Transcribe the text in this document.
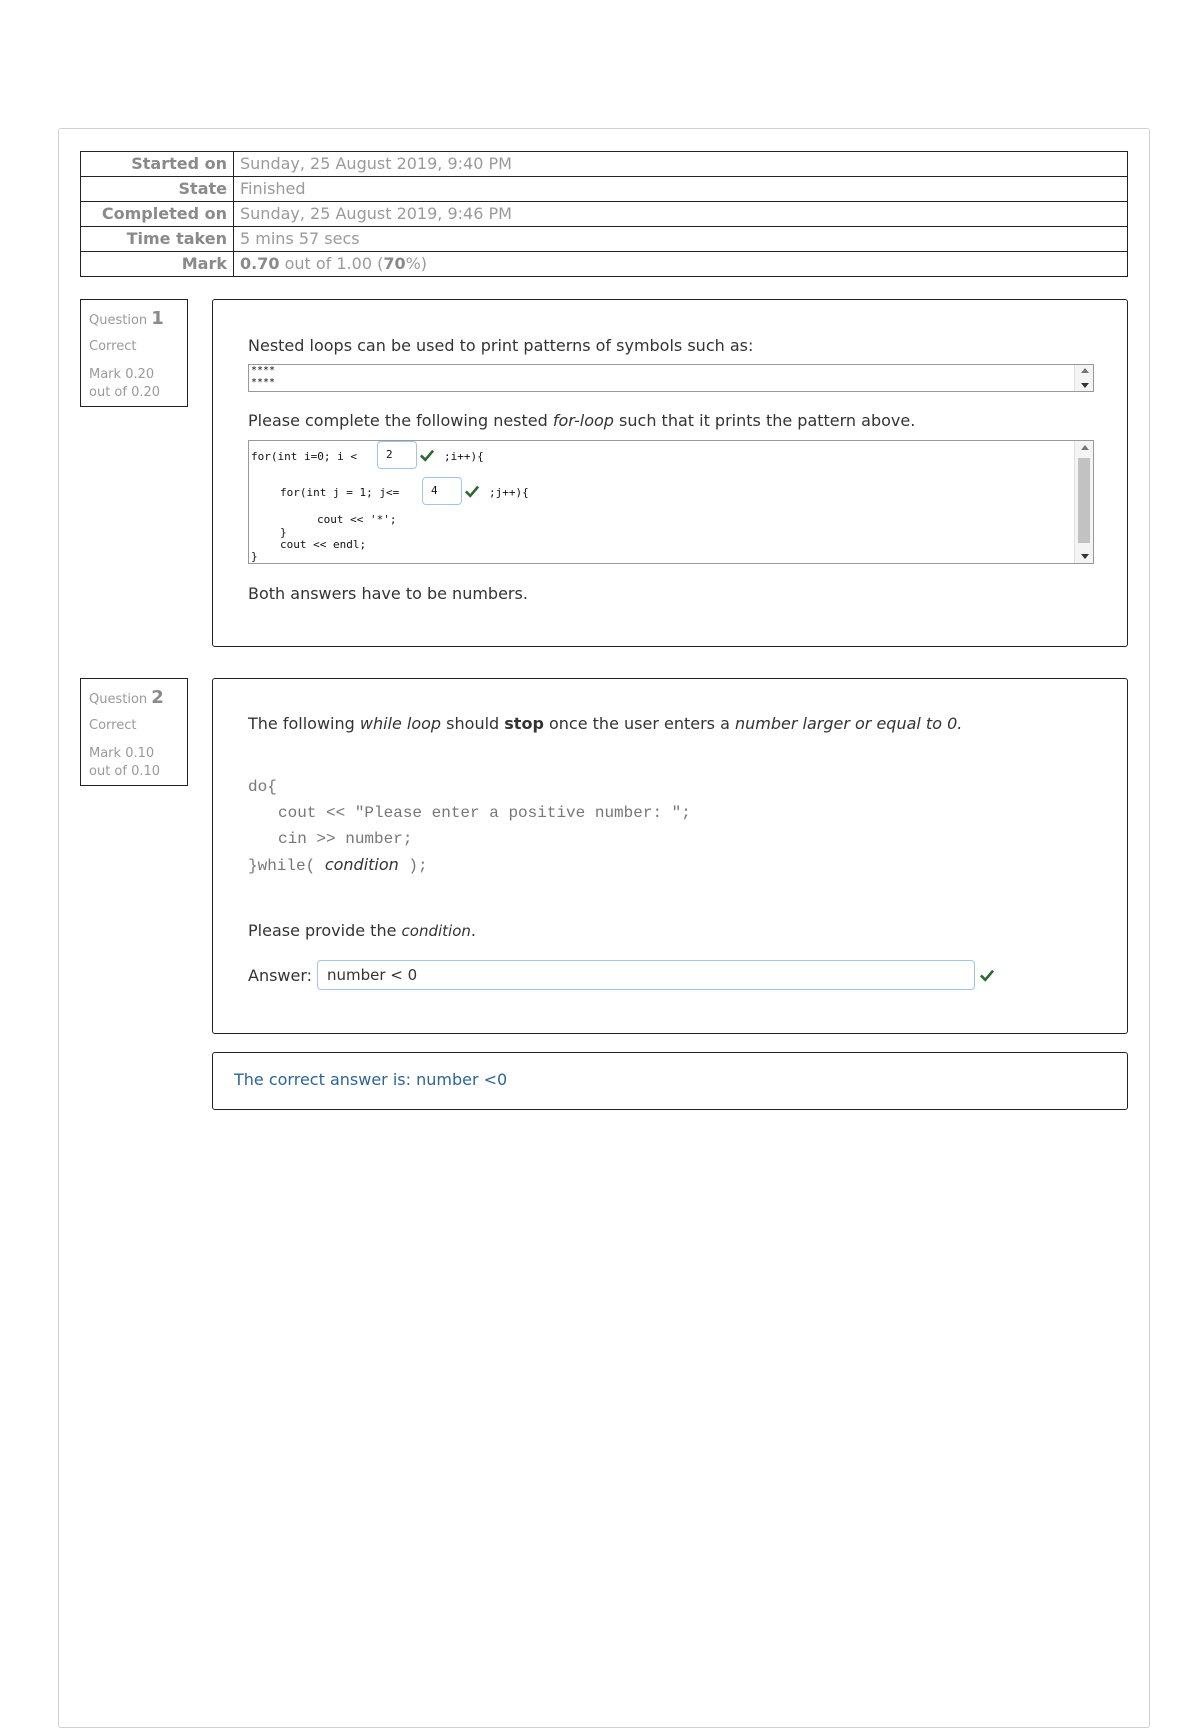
Started on	Sunday, 25 August 2019, 9:40 PM
State	Finished
Completed on	Sunday, 25 August 2019, 9:46 PM
Time taken	5 mins 57 secs
Mark	0.70 out of 1.00 (70%)
Question 1
Correct
Mark 0.20 out of 0.20
Nested loops can be used to print patterns of symbols such as:
****
****
Please complete the following nested for-loop such that it prints the pattern above.
for(int i=0; i <	2	;i++){
for(int j = 1; j<=	4	;j++){
cout << '*';
}
cout << endl;
}
Both answers have to be numbers.
Question 2
Correct
Mark 0.10 out of 0.10
The following while loop should stop once the user enters a number larger or equal to 0.
do{
cout << "Please enter a positive number: ";
cin >> number;
}while( condition );
Please provide the condition.
Answer: number < 0
The correct answer is: number <0
